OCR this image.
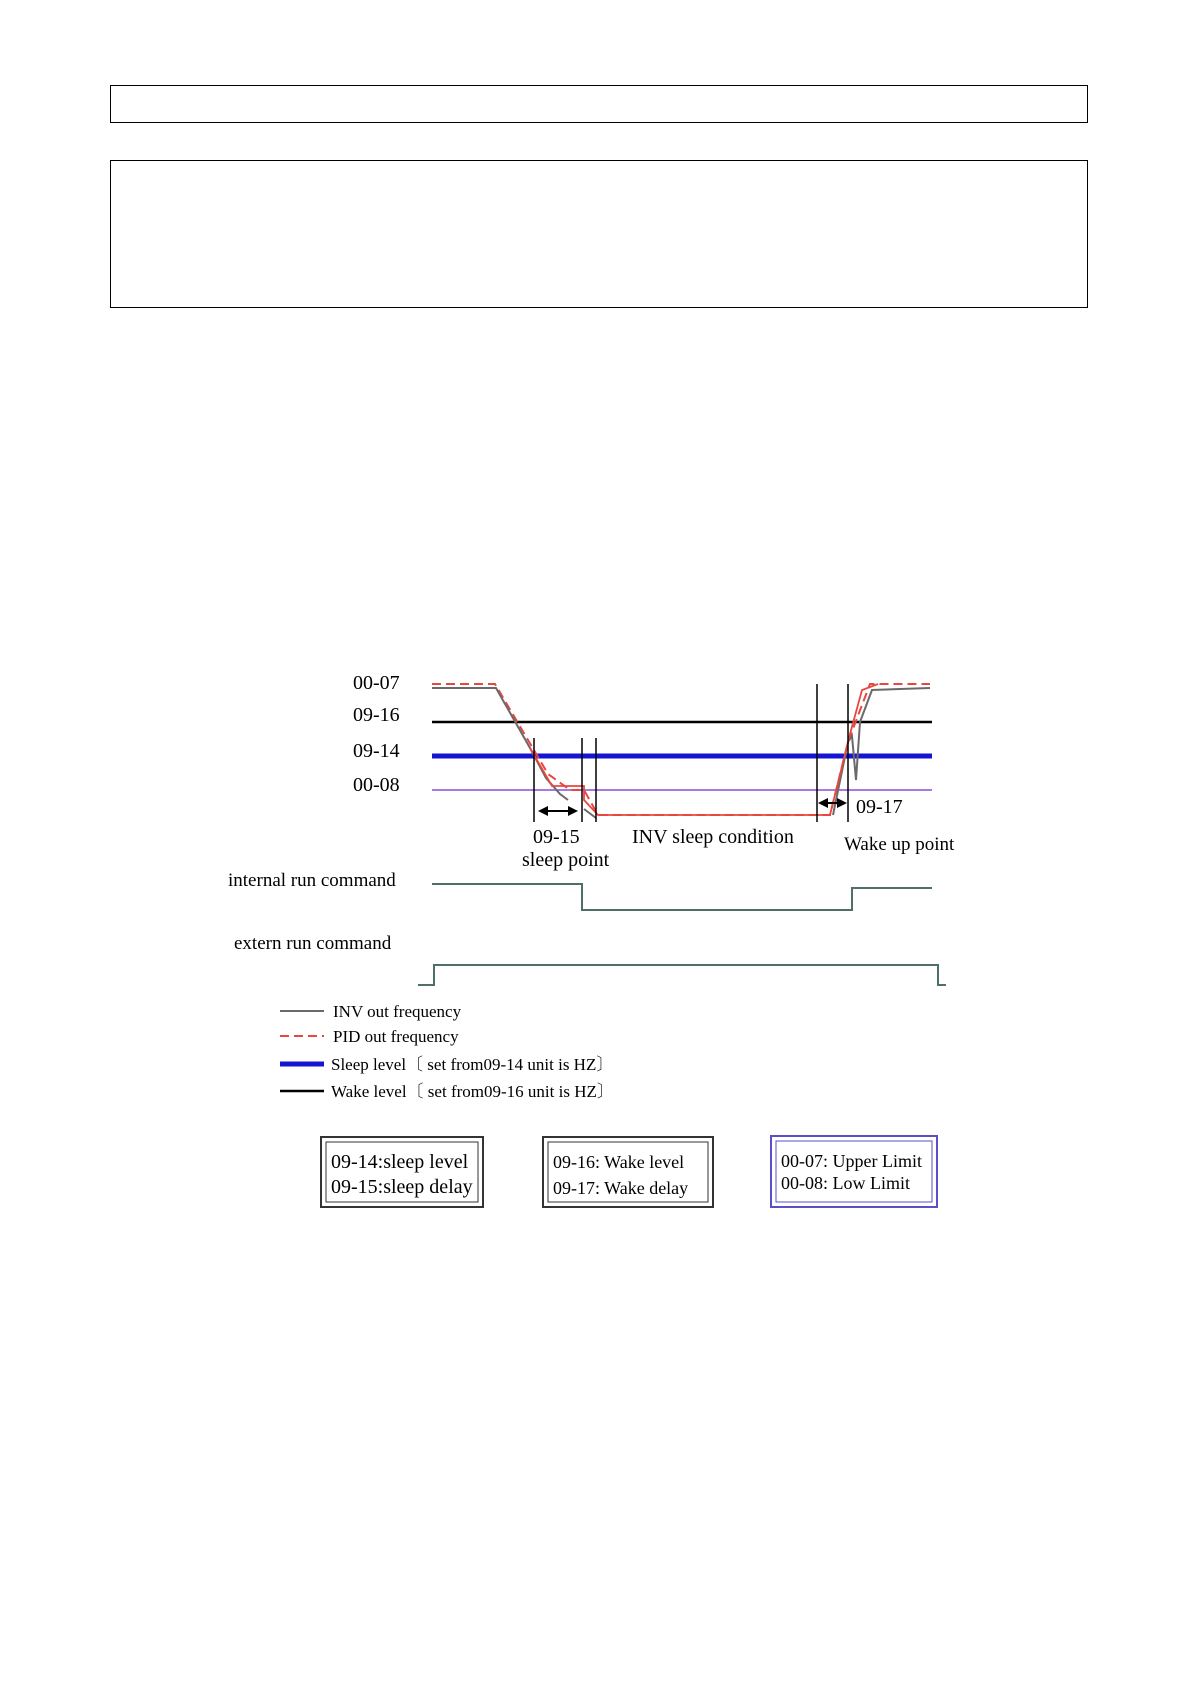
00-07
09-16
09-14
00-08
09-15
sleep point
INV sleep condition
09-17
Wake up point
internal run command
extern run command
INV out frequency
PID out frequency
Sleep level〔 set from09-14 unit is HZ〕
Wake level〔 set from09-16 unit is HZ〕
09-14:sleep level
09-15:sleep delay
09-16: Wake level
09-17: Wake delay
00-07: Upper Limit
00-08: Low Limit
